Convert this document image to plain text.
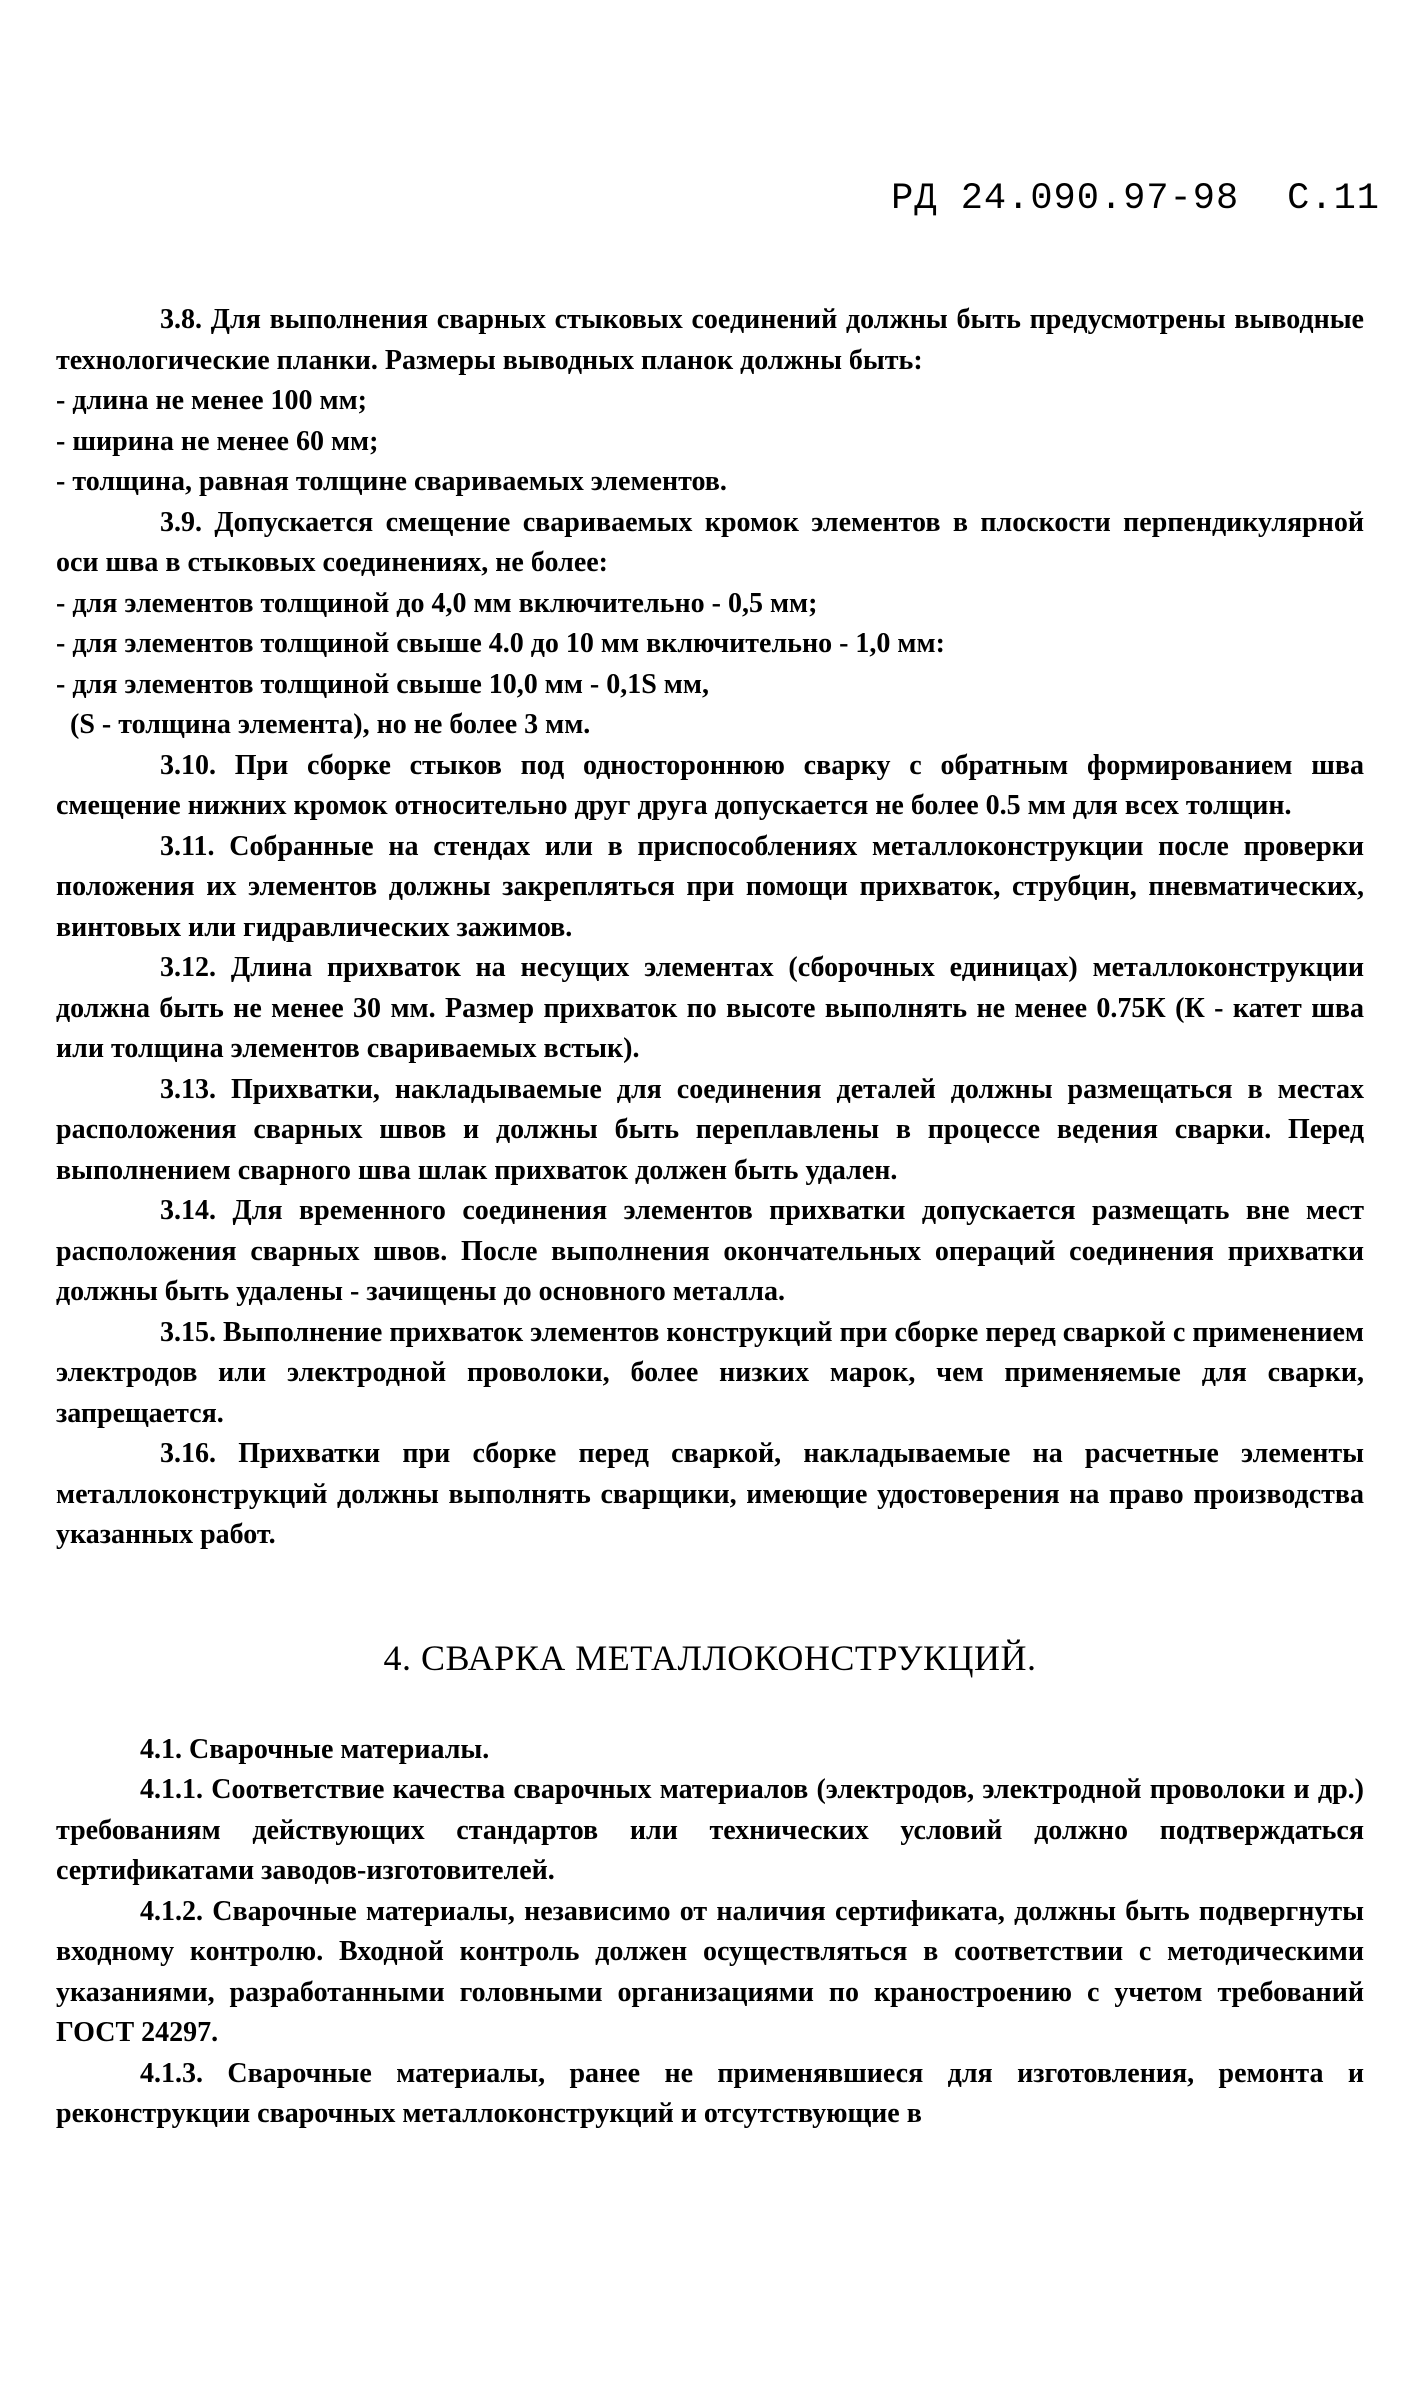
РД 24.090.97-98 С.11

3.8. Для выполнения сварных стыковых соединений должны быть предусмотрены выводные технологические планки. Размеры выводных планок должны быть:

- длина не менее 100 мм;

- ширина не менее 60 мм;

- толщина, равная толщине свариваемых элементов.

3.9. Допускается смещение свариваемых кромок элементов в плоскости перпендикулярной оси шва в стыковых соединениях, не более:

- для элементов толщиной до 4,0 мм включительно - 0,5 мм;

- для элементов толщиной свыше 4.0 до 10 мм включительно - 1,0 мм:

- для элементов толщиной свыше 10,0 мм - 0,1S мм,

(S - толщина элемента), но не более 3 мм.

3.10. При сборке стыков под одностороннюю сварку с обратным формированием шва смещение нижних кромок относительно друг друга допускается не более 0.5 мм для всех толщин.

3.11. Собранные на стендах или в приспособлениях металлоконструкции после проверки положения их элементов должны закрепляться при помощи прихваток, струбцин, пневматических, винтовых или гидравлических зажимов.

3.12. Длина прихваток на несущих элементах (сборочных единицах) металлоконструкции должна быть не менее 30 мм. Размер прихваток по высоте выполнять не менее 0.75К (К - катет шва или толщина элементов свариваемых встык).

3.13. Прихватки, накладываемые для соединения деталей должны размещаться в местах расположения сварных швов и должны быть переплавлены в процессе ведения сварки. Перед выполнением сварного шва шлак прихваток должен быть удален.

3.14. Для временного соединения элементов прихватки допускается размещать вне мест расположения сварных швов. После выполнения окончательных операций соединения прихватки должны быть удалены - зачищены до основного металла.

3.15. Выполнение прихваток элементов конструкций при сборке перед сваркой с применением электродов или электродной проволоки, более низких марок, чем применяемые для сварки, запрещается.

3.16. Прихватки при сборке перед сваркой, накладываемые на расчетные элементы металлоконструкций должны выполнять сварщики, имеющие удостоверения на право производства указанных работ.

4. СВАРКА МЕТАЛЛОКОНСТРУКЦИЙ.

4.1. Сварочные материалы.

4.1.1. Соответствие качества сварочных материалов (электродов, электродной проволоки и др.) требованиям действующих стандартов или технических условий должно подтверждаться сертификатами заводов-изготовителей.

4.1.2. Сварочные материалы, независимо от наличия сертификата, должны быть подвергнуты входному контролю. Входной контроль должен осуществляться в соответствии с методическими указаниями, разработанными головными организациями по краностроению с учетом требований ГОСТ 24297.

4.1.3. Сварочные материалы, ранее не применявшиеся для изготовления, ремонта и реконструкции сварочных металлоконструкций и отсутствующие в
